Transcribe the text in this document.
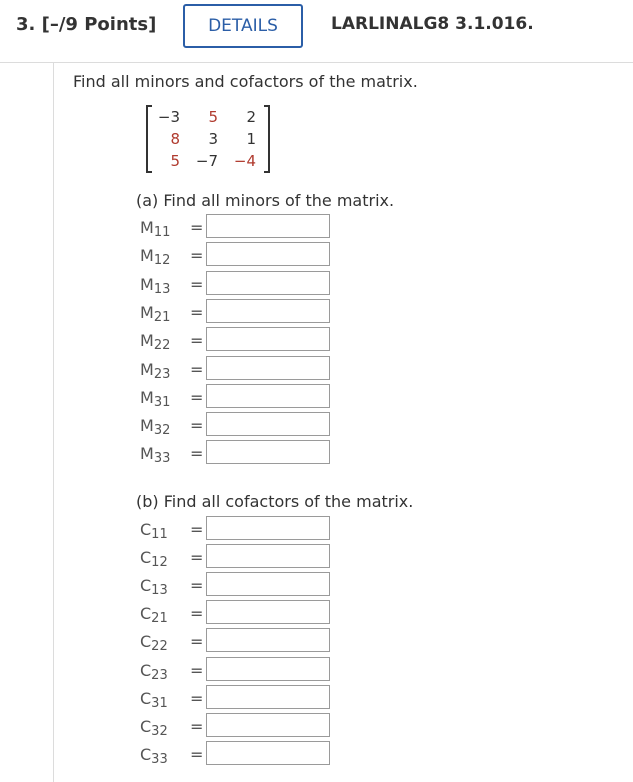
3. [–/9 Points]	DETAILS	LARLINALG8 3.1.016.
Find all minors and cofactors of the matrix.
−3	5	2
8	3	1
5 −7 −4
(a) Find all minors of the matrix.
$M_{11}$ =
$M_{12}$ =
$M_{13}$ =
$M_{21}$ =
$M_{22}$ =
$M_{23}$ =
$M_{31}$ =
$M_{32}$ =
$M_{33}$ =
(b) Find all cofactors of the matrix.
$C_{11}$ =
$C_{12}$ =
$C_{13}$ =
$C_{21}$ =
$C_{22}$ =
$C_{23}$ =
$C_{31}$ =
$C_{32}$ =
$C_{33}$ =
